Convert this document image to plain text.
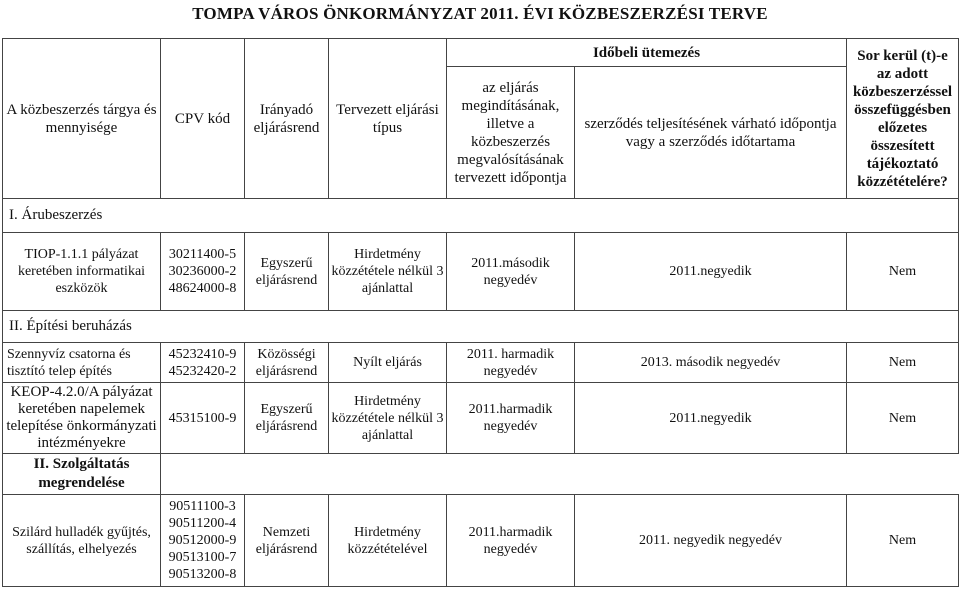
TOMPA VÁROS ÖNKORMÁNYZAT 2011. ÉVI KÖZBESZERZÉSI TERVE
A közbeszerzés tárgya és mennyisége	CPV kód	Irányadó eljárásrend	Tervezett eljárási típus	Időbeli ütemezés		Sor kerül (t)-e az adott közbeszerzéssel összefüggésben előzetes összesített tájékoztató közzétételére?
				az eljárás megindításának, illetve a közbeszerzés megvalósításának tervezett időpontja	szerződés teljesítésének várható időpontja vagy a szerződés időtartama	
I. Árubeszerzés						
TIOP-1.1.1 pályázat keretében informatikai eszközök	30211400-5 30236000-2 48624000-8	Egyszerű eljárásrend	Hirdetmény közzététele nélkül 3 ajánlattal	2011.második negyedév	2011.negyedik	Nem
II. Építési beruházás						
Szennyvíz csatorna és tisztító telep építés	45232410-9 45232420-2	Közösségi eljárásrend	Nyílt eljárás	2011. harmadik negyedév	2013. második negyedév	Nem
KEOP-4.2.0/A pályázat keretében napelemek telepítése önkormányzati intézményekre	45315100-9	Egyszerű eljárásrend	Hirdetmény közzététele nélkül 3 ajánlattal	2011.harmadik negyedév	2011.negyedik	Nem
II. Szolgáltatás megrendelése						
Szilárd hulladék gyűjtés, szállítás, elhelyezés	90511100-3 90511200-4 90512000-9 90513100-7 90513200-8	Nemzeti eljárásrend	Hirdetmény közzétételével	2011.harmadik negyedév	2011. negyedik negyedév	Nem
